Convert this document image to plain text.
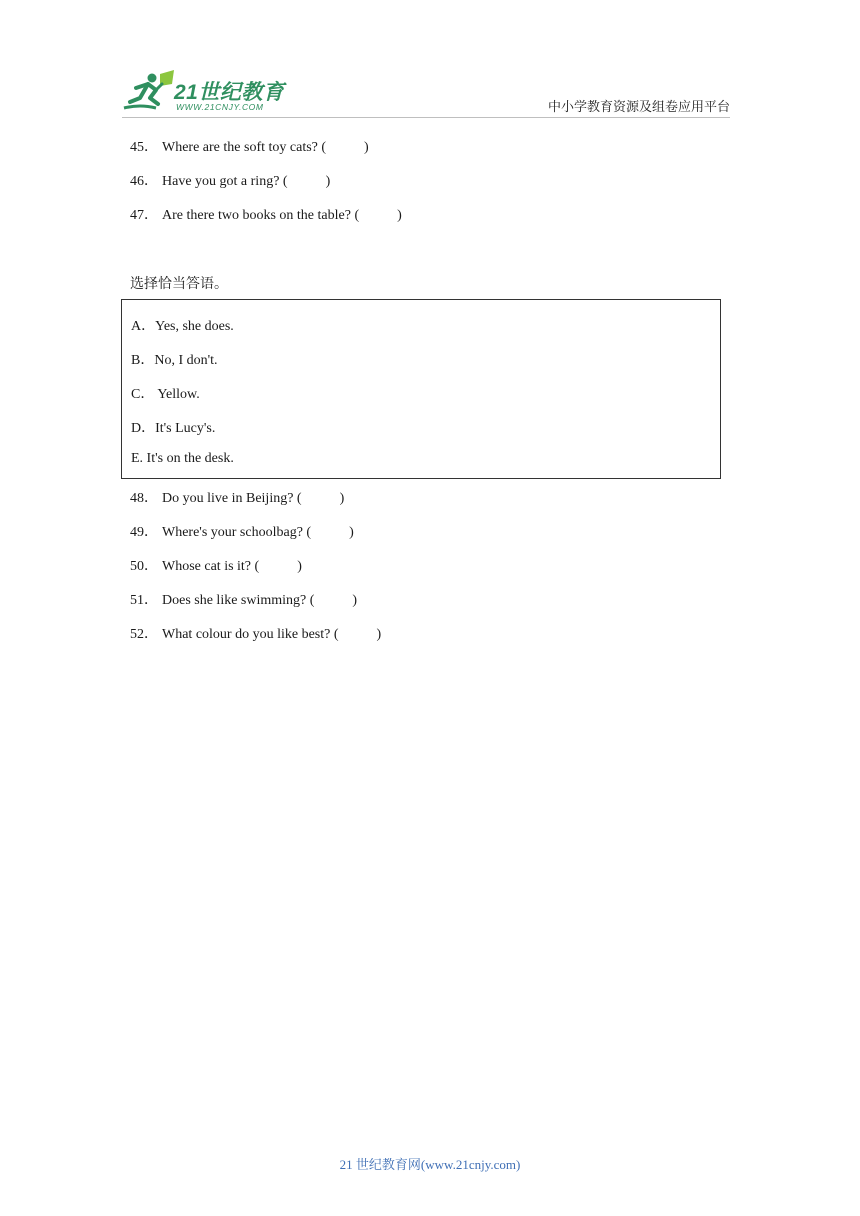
21世纪教育
WWW.21CNJY.COM	中小学教育资源及组卷应用平台
45． Where are the soft toy cats? (	)
46． Have you got a ring? (	)
47． Are there two books on the table? (	)
选择恰当答语。
A．Yes, she does.
B．No, I don't.
C． Yellow.
D．It's Lucy's.
E. It's on the desk.
48． Do you live in Beijing? (	)
49． Where's your schoolbag? (	)
50． Whose cat is it? (	)
51． Does she like swimming? (	)
52． What colour do you like best? (	)
21 世纪教育网(www.21cnjy.com)
